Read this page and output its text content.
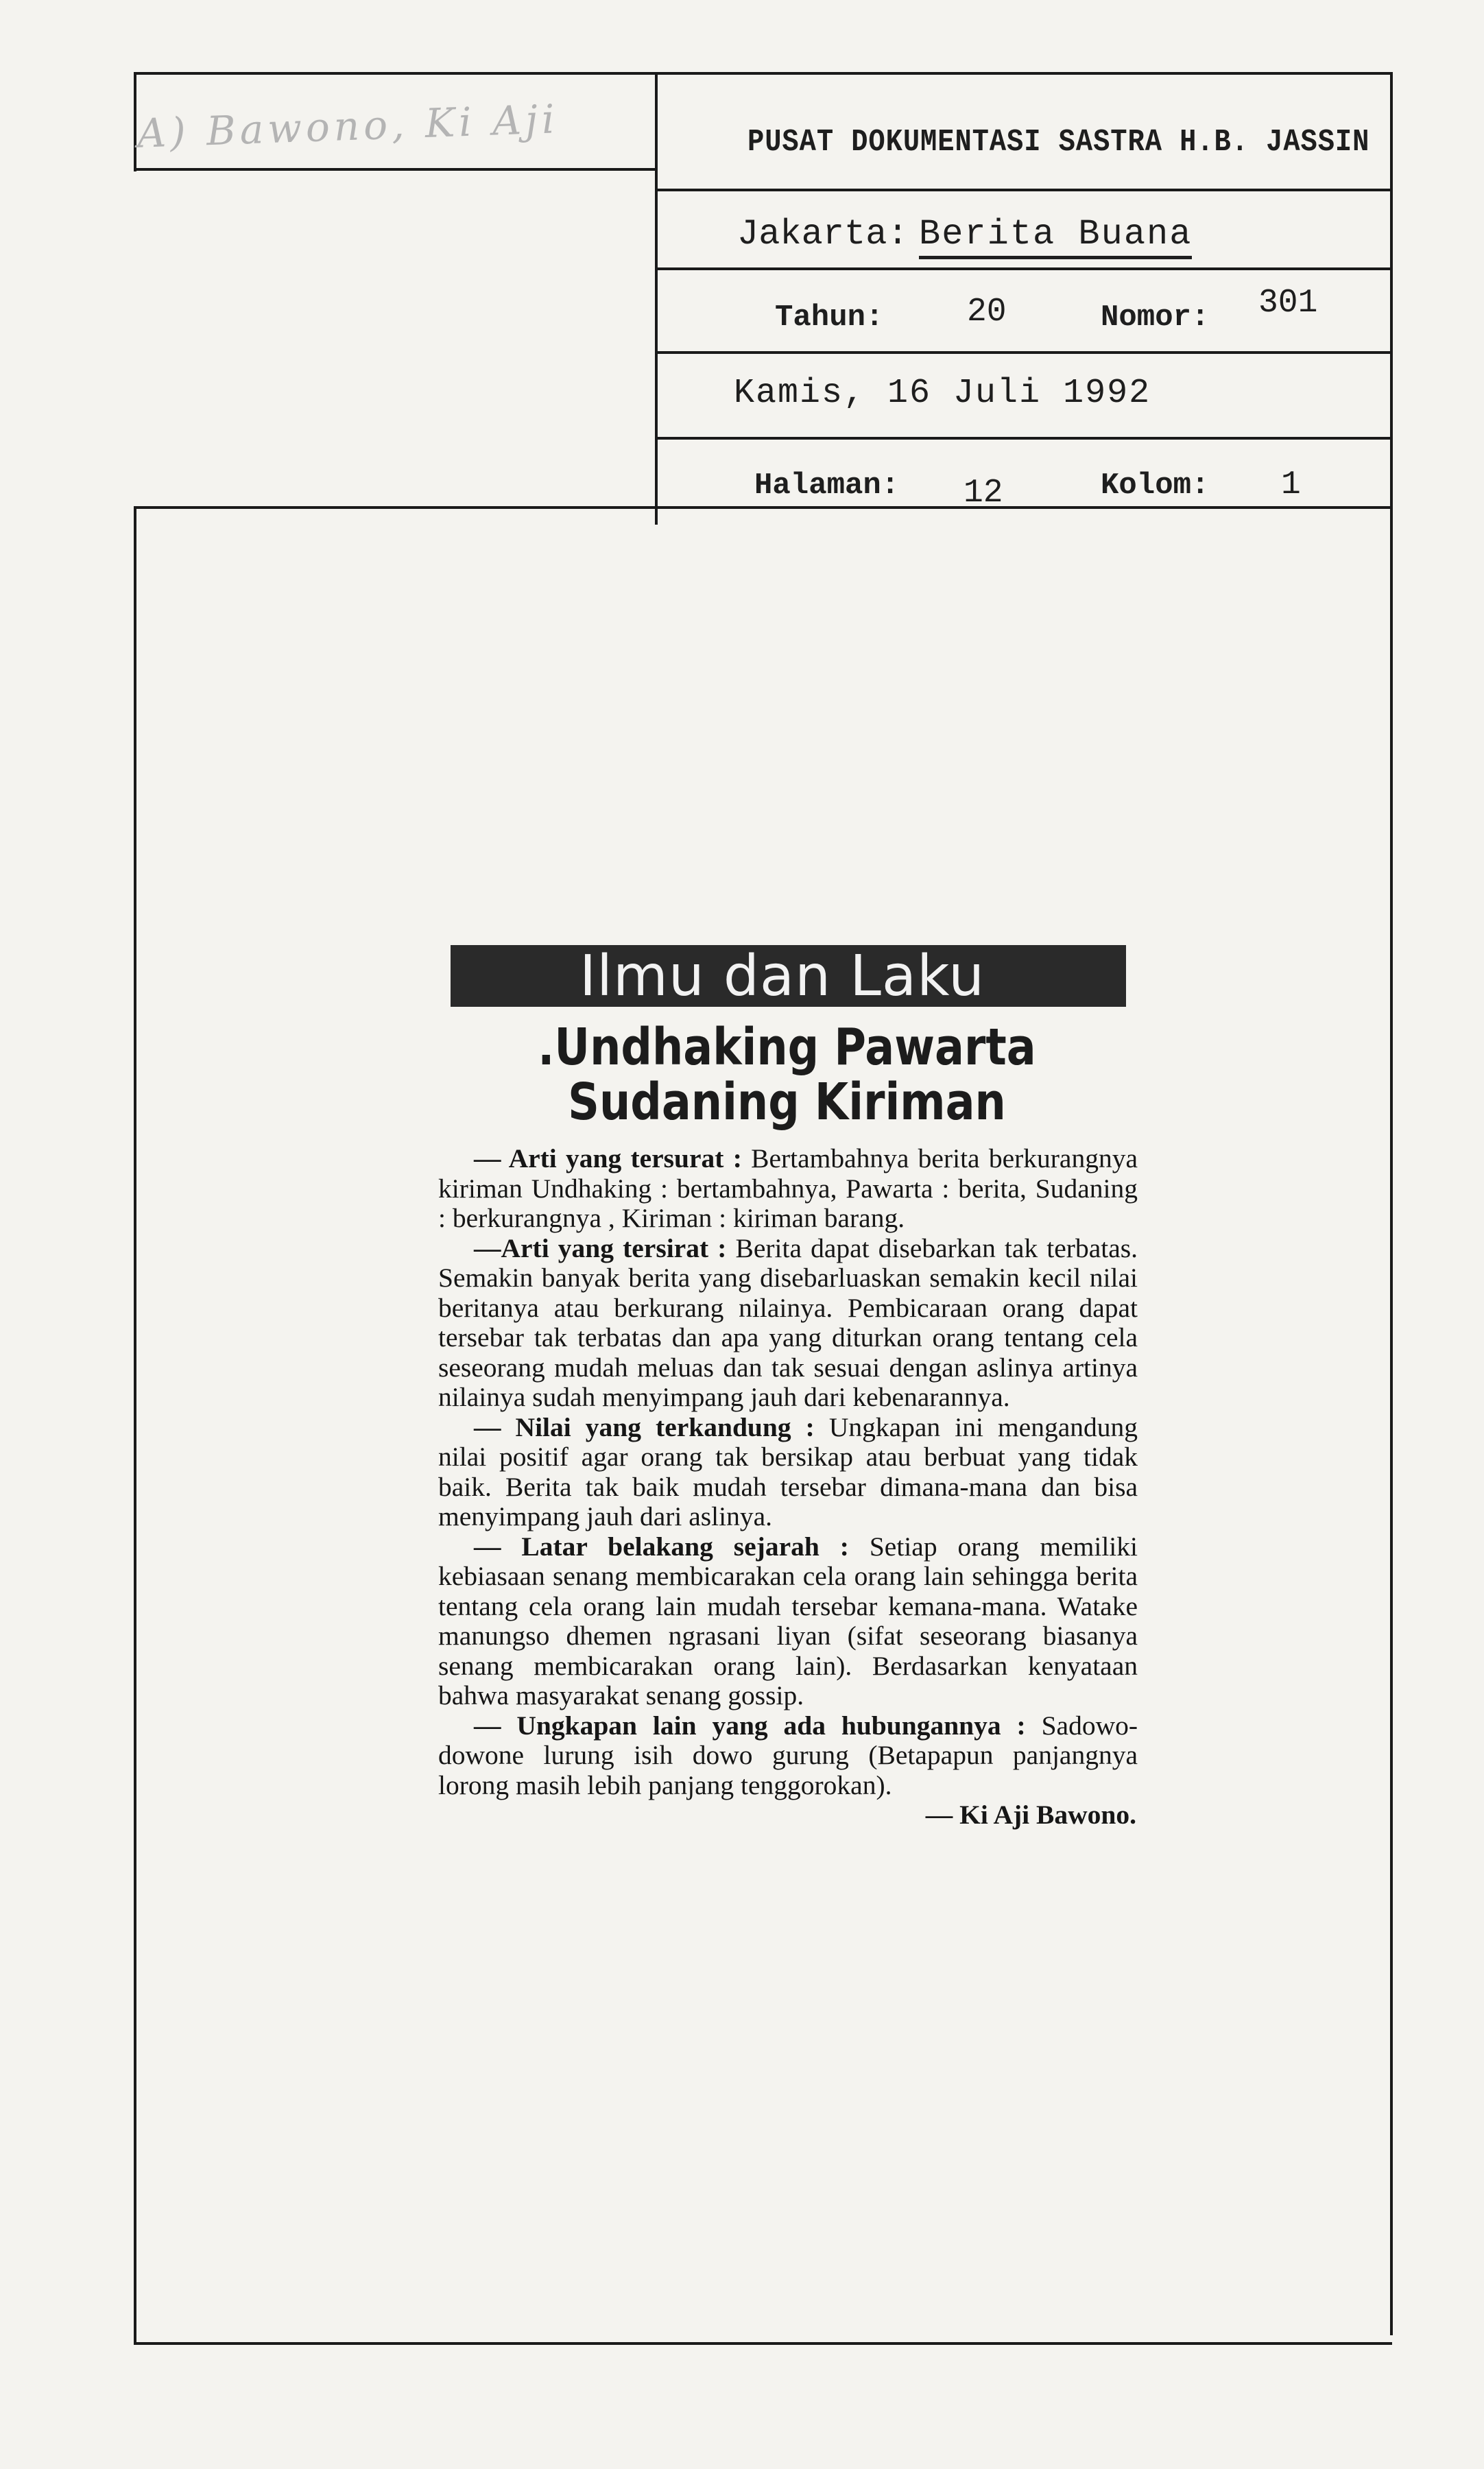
A) Bawono, Ki Aji	PUSAT DOKUMENTASI SASTRA H.B. JASSIN
Jakarta: Berita Buana
Tahun:	20	Nomor: 301
Kamis, 16 Juli 1992
Halaman: 12	Kolom: 1
Ilmu dan Laku
.Undhaking Pawarta
Sudaning Kiriman

— Arti yang tersurat : Bertambahnya berita berkurangnya kiriman Undhaking : bertambahnya, Pawarta : berita, Sudaning : berkurangnya , Kiriman : kiriman barang.

—Arti yang tersirat : Berita dapat disebarkan tak terbatas. Semakin banyak berita yang disebarluaskan semakin kecil nilai beritanya atau berkurang nilainya. Pembicaraan orang dapat tersebar tak terbatas dan apa yang diturkan orang tentang cela seseorang mudah meluas dan tak sesuai dengan aslinya artinya nilainya sudah menyimpang jauh dari kebenarannya.

— Nilai yang terkandung : Ungkapan ini mengandung nilai positif agar orang tak bersikap atau berbuat yang tidak baik. Berita tak baik mudah tersebar dimana-mana dan bisa menyimpang jauh dari aslinya.

— Latar belakang sejarah : Setiap orang memiliki kebiasaan senang membicarakan cela orang lain sehingga berita tentang cela orang lain mudah tersebar kemana-mana. Watake manungso dhemen ngrasani liyan (sifat seseorang biasanya senang membicarakan orang lain). Berdasarkan kenyataan bahwa masyarakat senang gossip.

— Ungkapan lain yang ada hubungannya : Sadowo-dowone lurung isih dowo gurung (Betapapun panjangnya lorong masih lebih panjang tenggorokan).

— Ki Aji Bawono.
